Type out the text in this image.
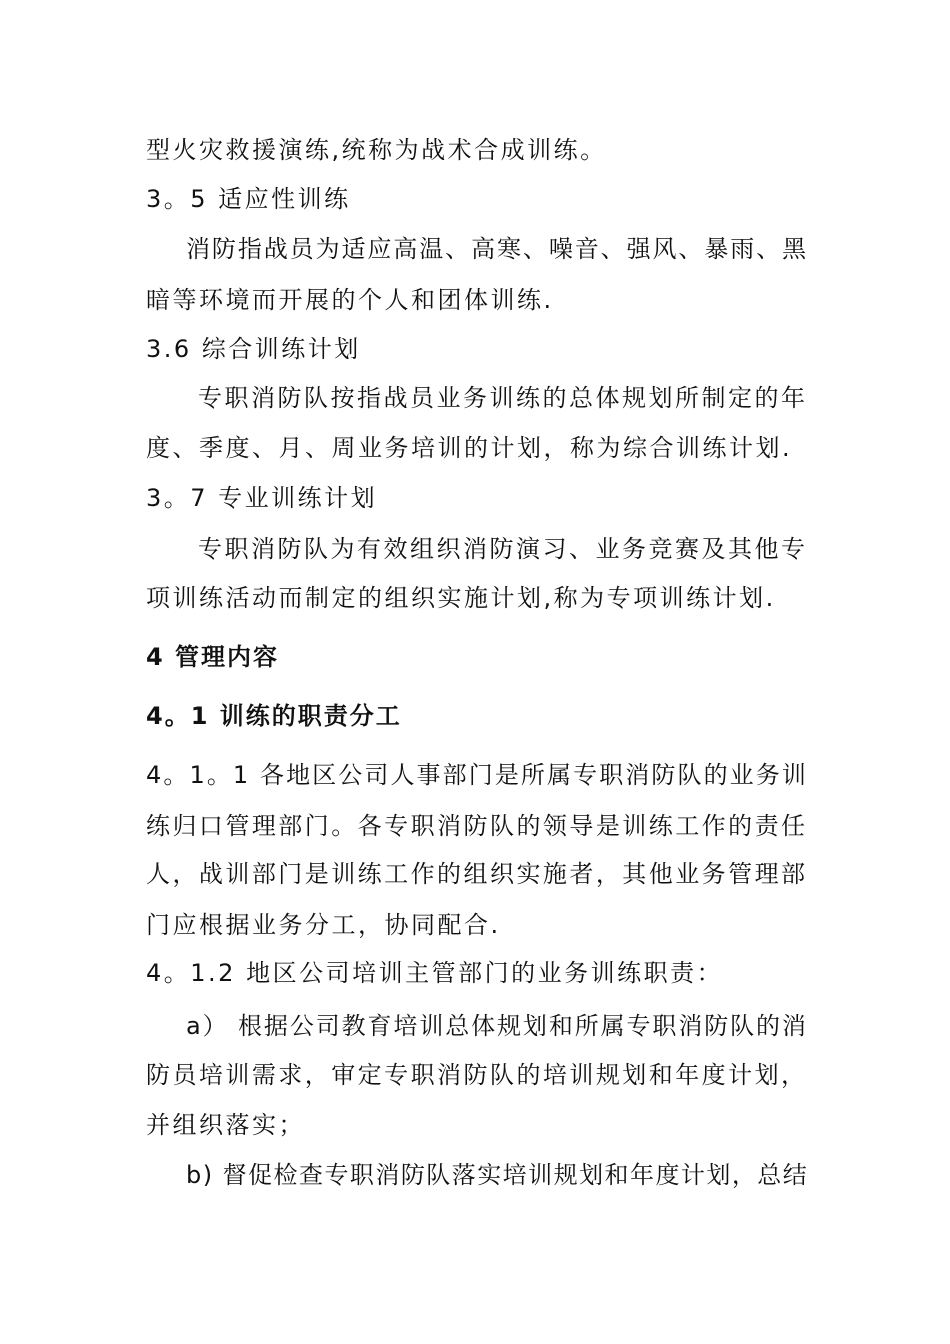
型火灾救援演练,统称为战术合成训练。
3。5 适应性训练
消防指战员为适应高温、高寒、噪音、强风、暴雨、黑
暗等环境而开展的个人和团体训练.
3.6 综合训练计划
专职消防队按指战员业务训练的总体规划所制定的年
度、季度、月、周业务培训的计划，称为综合训练计划.
3。7 专业训练计划
专职消防队为有效组织消防演习、业务竞赛及其他专
项训练活动而制定的组织实施计划,称为专项训练计划.
4 管理内容
4。1 训练的职责分工
4。1。1 各地区公司人事部门是所属专职消防队的业务训
练归口管理部门。各专职消防队的领导是训练工作的责任
人，战训部门是训练工作的组织实施者，其他业务管理部
门应根据业务分工，协同配合.
4。1.2 地区公司培训主管部门的业务训练职责：
a） 根据公司教育培训总体规划和所属专职消防队的消
防员培训需求，审定专职消防队的培训规划和年度计划，
并组织落实；
b) 督促检查专职消防队落实培训规划和年度计划，总结
